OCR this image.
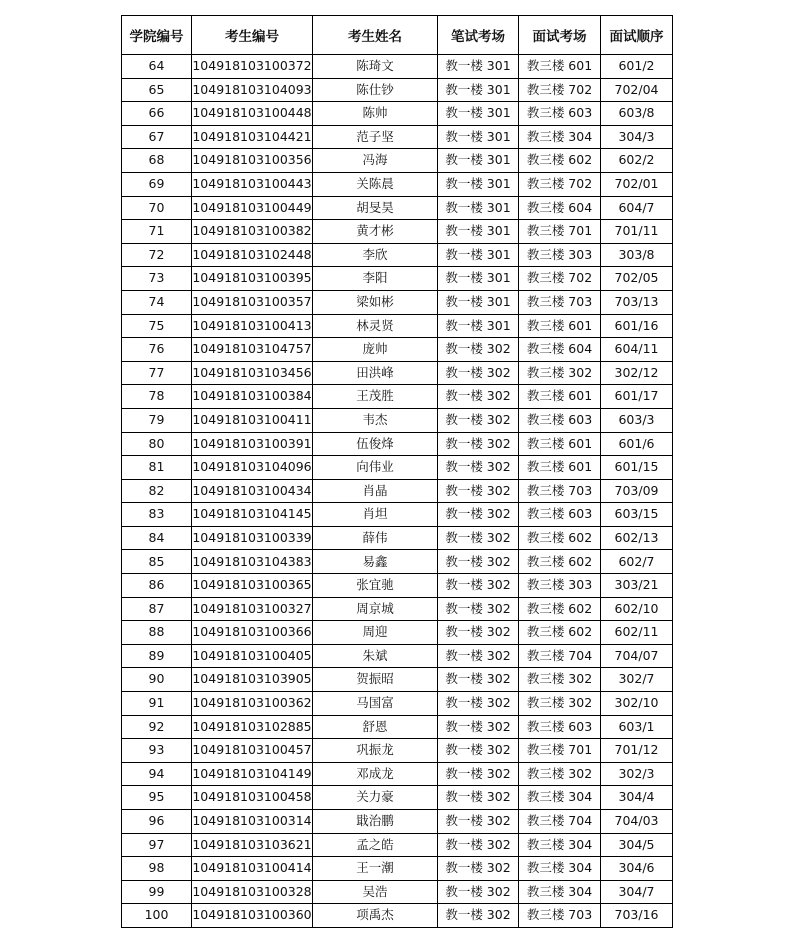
学院编号	考生编号	考生姓名	笔试考场	面试考场	面试顺序
64	104918103100372	陈琦文	教一楼 301	教三楼 601	601/2
65	104918103104093	陈仕钞	教一楼 301	教三楼 702	702/04
66	104918103100448	陈帅	教一楼 301	教三楼 603	603/8
67	104918103104421	范子坚	教一楼 301	教三楼 304	304/3
68	104918103100356	冯海	教一楼 301	教三楼 602	602/2
69	104918103100443	关陈晨	教一楼 301	教三楼 702	702/01
70	104918103100449	胡旻昊	教一楼 301	教三楼 604	604/7
71	104918103100382	黄才彬	教一楼 301	教三楼 701	701/11
72	104918103102448	李欣	教一楼 301	教三楼 303	303/8
73	104918103100395	李阳	教一楼 301	教三楼 702	702/05
74	104918103100357	梁如彬	教一楼 301	教三楼 703	703/13
75	104918103100413	林灵贤	教一楼 301	教三楼 601	601/16
76	104918103104757	庞帅	教一楼 302	教三楼 604	604/11
77	104918103103456	田洪峰	教一楼 302	教三楼 302	302/12
78	104918103100384	王茂胜	教一楼 302	教三楼 601	601/17
79	104918103100411	韦杰	教一楼 302	教三楼 603	603/3
80	104918103100391	伍俊烽	教一楼 302	教三楼 601	601/6
81	104918103104096	向伟业	教一楼 302	教三楼 601	601/15
82	104918103100434	肖晶	教一楼 302	教三楼 703	703/09
83	104918103104145	肖坦	教一楼 302	教三楼 603	603/15
84	104918103100339	薛伟	教一楼 302	教三楼 602	602/13
85	104918103104383	易鑫	教一楼 302	教三楼 602	602/7
86	104918103100365	张宜驰	教一楼 302	教三楼 303	303/21
87	104918103100327	周京城	教一楼 302	教三楼 602	602/10
88	104918103100366	周迎	教一楼 302	教三楼 602	602/11
89	104918103100405	朱斌	教一楼 302	教三楼 704	704/07
90	104918103103905	贺振昭	教一楼 302	教三楼 302	302/7
91	104918103100362	马国富	教一楼 302	教三楼 302	302/10
92	104918103102885	舒恩	教一楼 302	教三楼 603	603/1
93	104918103100457	巩振龙	教一楼 302	教三楼 701	701/12
94	104918103104149	邓成龙	教一楼 302	教三楼 302	302/3
95	104918103100458	关力豪	教一楼 302	教三楼 304	304/4
96	104918103100314	戢治鹏	教一楼 302	教三楼 704	704/03
97	104918103103621	孟之皓	教一楼 302	教三楼 304	304/5
98	104918103100414	王一潮	教一楼 302	教三楼 304	304/6
99	104918103100328	吴浩	教一楼 302	教三楼 304	304/7
100	104918103100360	项禹杰	教一楼 302	教三楼 703	703/16
